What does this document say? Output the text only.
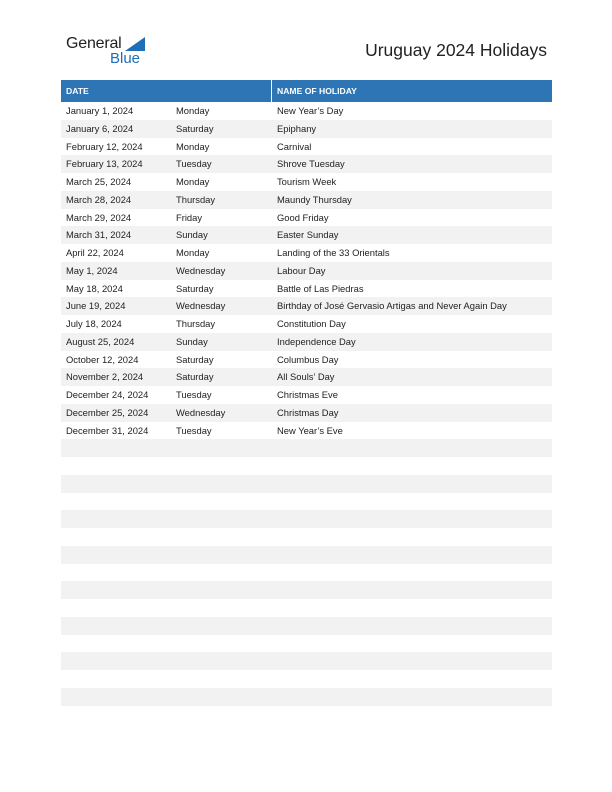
General
Blue	Uruguay 2024 Holidays
DATE	NAME OF HOLIDAY
January 1, 2024	Monday	New Year’s Day
January 6, 2024	Saturday	Epiphany
February 12, 2024	Monday	Carnival
February 13, 2024	Tuesday	Shrove Tuesday
March 25, 2024	Monday	Tourism Week
March 28, 2024	Thursday	Maundy Thursday
March 29, 2024	Friday	Good Friday
March 31, 2024	Sunday	Easter Sunday
April 22, 2024	Monday	Landing of the 33 Orientals
May 1, 2024	Wednesday	Labour Day
May 18, 2024	Saturday	Battle of Las Piedras
June 19, 2024	Wednesday	Birthday of José Gervasio Artigas and Never Again Day
July 18, 2024	Thursday	Constitution Day
August 25, 2024	Sunday	Independence Day
October 12, 2024	Saturday	Columbus Day
November 2, 2024	Saturday	All Souls’ Day
December 24, 2024	Tuesday	Christmas Eve
December 25, 2024	Wednesday	Christmas Day
December 31, 2024	Tuesday	New Year’s Eve
